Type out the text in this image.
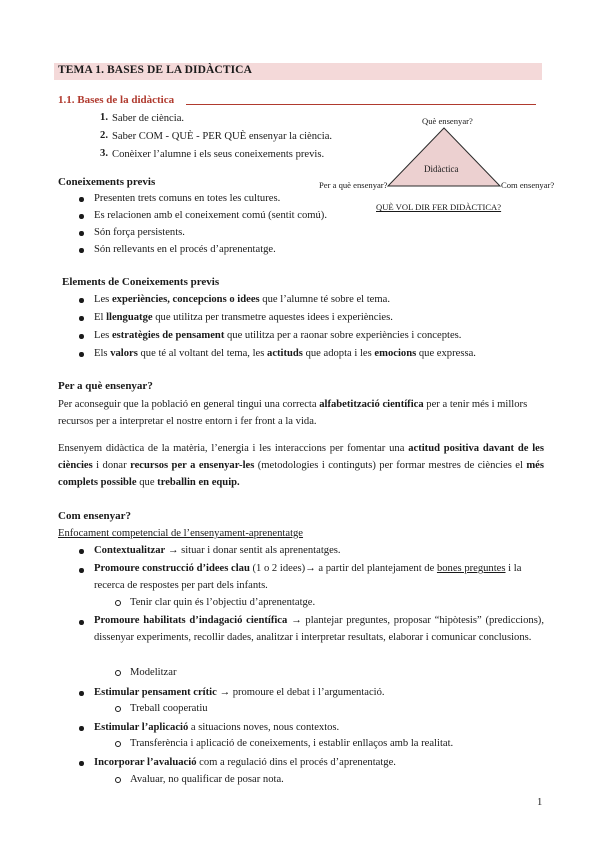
TEMA 1. BASES DE LA DIDÀCTICA
1.1. Bases de la didàctica
1. Saber de ciència.
2. Saber COM - QUÈ - PER QUÈ ensenyar la ciència.
3. Conèixer l’alumne i els seus coneixements previs.
Què ensenyar?
Didàctica
Per a què ensenyar?	Com ensenyar?
QUÈ VOL DIR FER DIDÀCTICA?
Coneixements previs
Presenten trets comuns en totes les cultures.
Es relacionen amb el coneixement comú (sentit comú).
Són força persistents.
Són rellevants en el procés d’aprenentatge.
Elements de Coneixements previs
Les experiències, concepcions o idees que l’alumne té sobre el tema.
El llenguatge que utilitza per transmetre aquestes idees i experiències.
Les estratègies de pensament que utilitza per a raonar sobre experiències i conceptes.
Els valors que té al voltant del tema, les actituds que adopta i les emocions que expressa.
Per a què ensenyar?
Per aconseguir que la població en general tingui una correcta alfabetització científica per a tenir més i millors recursos per a interpretar el nostre entorn i fer front a la vida.
Ensenyem didàctica de la matèria, l’energia i les interaccions per fomentar una actitud positiva davant de les ciències i donar recursos per a ensenyar-les (metodologies i continguts) per formar mestres de ciències el més complets possible que treballin en equip.
Com ensenyar?
Enfocament competencial de l’ensenyament-aprenentatge
Contextualitzar → situar i donar sentit als aprenentatges.
Promoure construcció d’idees clau (1 o 2 idees)→ a partir del plantejament de bones preguntes i la recerca de respostes per part dels infants.
Tenir clar quin és l’objectiu d’aprenentatge.
Promoure habilitats d’indagació científica → plantejar preguntes, proposar “hipòtesis” (prediccions), dissenyar experiments, recollir dades, analitzar i interpretar resultats, elaborar i comunicar conclusions.
Modelitzar
Estimular pensament crític → promoure el debat i l’argumentació.
Treball cooperatiu
Estimular l’aplicació a situacions noves, nous contextos.
Transferència i aplicació de coneixements, i establir enllaços amb la realitat.
Incorporar l’avaluació com a regulació dins el procés d’aprenentatge.
Avaluar, no qualificar de posar nota.
1
